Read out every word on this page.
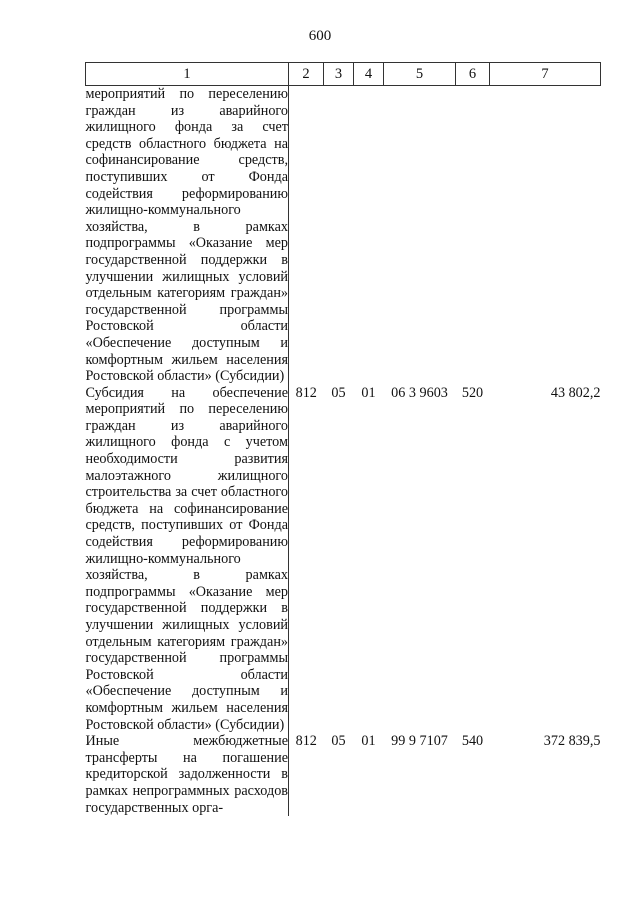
600
1	2	3	4	5	6	7
мероприятий по переселению граждан из аварийного жилищного фонда за счет средств областного бюджета на софинансирование средств, поступивших от Фонда содействия реформированию жилищно-коммунального хозяйства, в рамках подпрограммы «Оказание мер государственной поддержки в улучшении жилищных условий отдельным категориям граждан» государственной программы Ростовской области «Обеспечение доступным и комфортным жильем населения Ростовской области» (Субсидии)						
Субсидия на обеспечение мероприятий по переселению граждан из аварийного жилищного фонда с учетом необходимости развития малоэтажного жилищного строительства за счет областного бюджета на софинансирование средств, поступивших от Фонда содействия реформированию жилищно-коммунального хозяйства, в рамках подпрограммы «Оказание мер государственной поддержки в улучшении жилищных условий отдельным категориям граждан» государственной программы Ростовской области «Обеспечение доступным и комфортным жильем населения Ростовской области» (Субсидии)	812	05	01	06 3 9603	520	43 802,2
Иные межбюджетные трансферты на погашение кредиторской задолженности в рамках непрограммных расходов государственных орга-	812	05	01	99 9 7107	540	372 839,5
